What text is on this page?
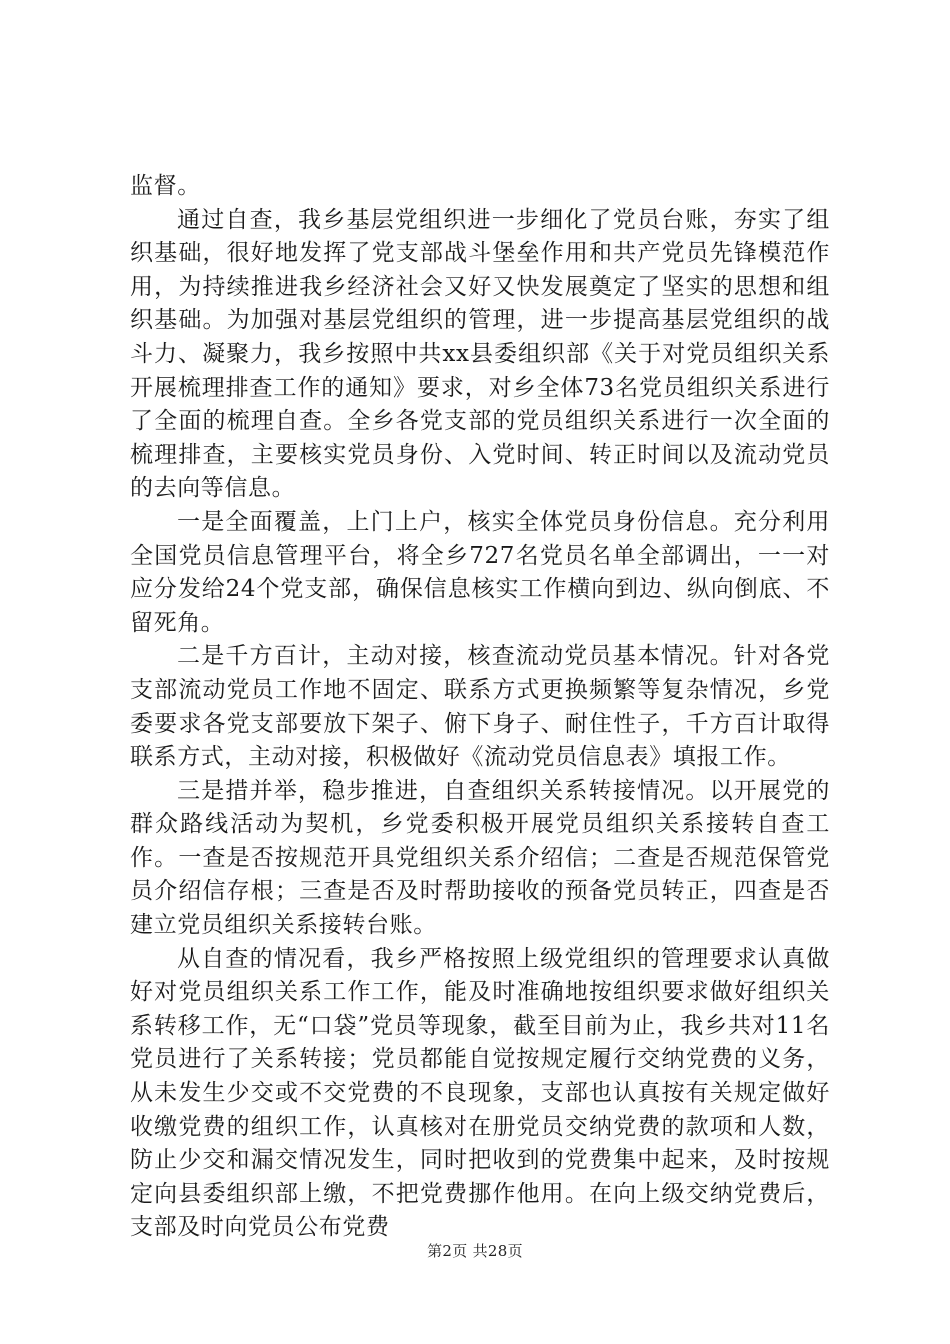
监督。

通过自查，我乡基层党组织进一步细化了党员台账，夯实了组织基础，很好地发挥了党支部战斗堡垒作用和共产党员先锋模范作用，为持续推进我乡经济社会又好又快发展奠定了坚实的思想和组织基础。为加强对基层党组织的管理，进一步提高基层党组织的战斗力、凝聚力，我乡按照中共xx县委组织部《关于对党员组织关系开展梳理排查工作的通知》要求，对乡全体73名党员组织关系进行了全面的梳理自查。全乡各党支部的党员组织关系进行一次全面的梳理排查，主要核实党员身份、入党时间、转正时间以及流动党员的去向等信息。

一是全面覆盖，上门上户，核实全体党员身份信息。充分利用全国党员信息管理平台，将全乡727名党员名单全部调出，一一对应分发给24个党支部，确保信息核实工作横向到边、纵向倒底、不留死角。

二是千方百计，主动对接，核查流动党员基本情况。针对各党支部流动党员工作地不固定、联系方式更换频繁等复杂情况，乡党委要求各党支部要放下架子、俯下身子、耐住性子，千方百计取得联系方式，主动对接，积极做好《流动党员信息表》填报工作。

三是措并举，稳步推进，自查组织关系转接情况。以开展党的群众路线活动为契机，乡党委积极开展党员组织关系接转自查工作。一查是否按规范开具党组织关系介绍信；二查是否规范保管党员介绍信存根；三查是否及时帮助接收的预备党员转正，四查是否建立党员组织关系接转台账。

从自查的情况看，我乡严格按照上级党组织的管理要求认真做好对党员组织关系工作工作，能及时准确地按组织要求做好组织关系转移工作，无“口袋”党员等现象，截至目前为止，我乡共对11名党员进行了关系转接；党员都能自觉按规定履行交纳党费的义务，从未发生少交或不交党费的不良现象，支部也认真按有关规定做好收缴党费的组织工作，认真核对在册党员交纳党费的款项和人数，防止少交和漏交情况发生，同时把收到的党费集中起来，及时按规定向县委组织部上缴，不把党费挪作他用。在向上级交纳党费后，支部及时向党员公布党费

第2页 共28页
